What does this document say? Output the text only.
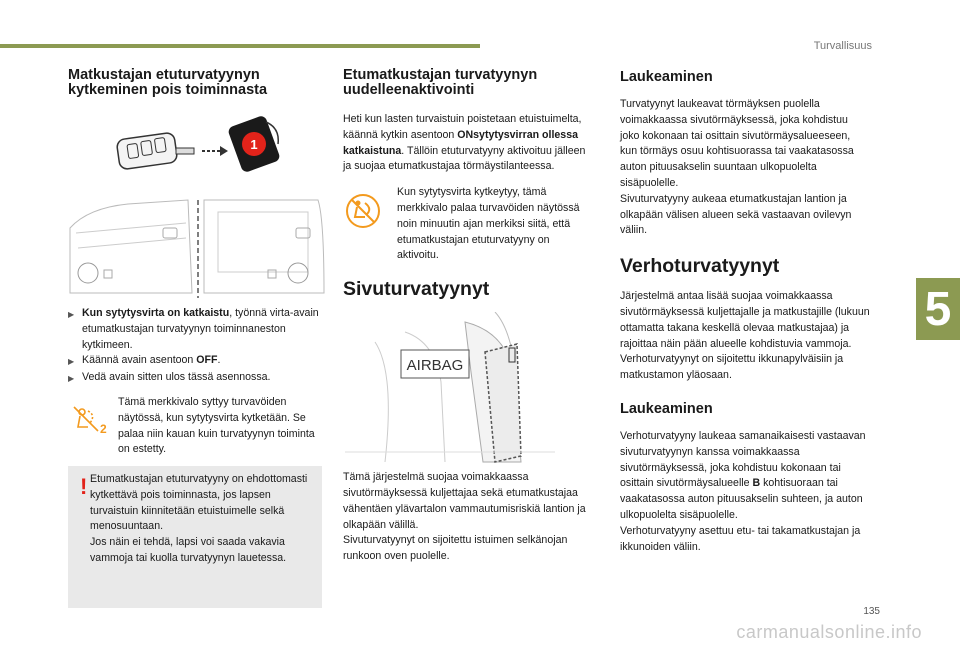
Turvallisuus
5
135
carmanualsonline.info
Matkustajan etuturvatyynyn
kytkeminen pois toiminnasta
1
▶ Kun sytytysvirta on katkaistu, työnnä virta-avain etumatkustajan turvatyynyn toiminnaneston kytkimeen.
▶ Käännä avain asentoon OFF.
▶ Vedä avain sitten ulos tässä asennossa.
2

Tämä merkkivalo syttyy turvavöiden näytössä, kun sytytysvirta kytketään. Se palaa niin kauan kuin turvatyynyn toiminta on estetty.

! Etumatkustajan etuturvatyyny on ehdottomasti kytkettävä pois toiminnasta, jos lapsen turvaistuin kiinnitetään etuistuimelle selkä menosuuntaan.
Jos näin ei tehdä, lapsi voi saada vakavia vammoja tai kuolla turvatyynyn lauetessa.

Etumatkustajan turvatyynyn
uudelleenaktivointi

Heti kun lasten turvaistuin poistetaan etuistuimelta, käännä kytkin asentoon ONsytytysvirran ollessa katkaistuna. Tällöin etuturvatyyny aktivoituu jälleen ja suojaa etumatkustajaa törmäystilanteessa.

Kun sytytysvirta kytkeytyy, tämä merkkivalo palaa turvavöiden näytössä noin minuutin ajan merkiksi siitä, että etumatkustajan etuturvatyyny on aktivoitu.

Sivuturvatyynyt
AIRBAG

Tämä järjestelmä suojaa voimakkaassa sivutörmäyksessä kuljettajaa sekä etumatkustajaa vähentäen ylävartalon vammautumisriskiä lantion ja olkapään välillä.
Sivuturvatyynyt on sijoitettu istuimen selkänojan runkoon oven puolelle.

Laukeaminen

Turvatyynyt laukeavat törmäyksen puolella voimakkaassa sivutörmäyksessä, joka kohdistuu joko kokonaan tai osittain sivutörmäysalueeseen, kun törmäys osuu kohtisuorassa tai vaakatasossa auton pituusakselin suuntaan ulkopuolelta sisäpuolelle.
Sivuturvatyyny aukeaa etumatkustajan lantion ja olkapään välisen alueen sekä vastaavan ovilevyn väliin.

Verhoturvatyynyt

Järjestelmä antaa lisää suojaa voimakkaassa sivutörmäyksessä kuljettajalle ja matkustajille (lukuun ottamatta takana keskellä olevaa matkustajaa) ja rajoittaa näin pään alueelle kohdistuvia vammoja.
Verhoturvatyynyt on sijoitettu ikkunapylväisiin ja matkustamon yläosaan.

Laukeaminen

Verhoturvatyyny laukeaa samanaikaisesti vastaavan sivuturvatyynyn kanssa voimakkaassa sivutörmäyksessä, joka kohdistuu kokonaan tai osittain sivutörmäysalueelle B kohtisuoraan tai vaakatasossa auton pituusakselin suhteen, ja auton ulkopuolelta sisäpuolelle.
Verhoturvatyyny asettuu etu- tai takamatkustajan ja ikkunoiden väliin.
